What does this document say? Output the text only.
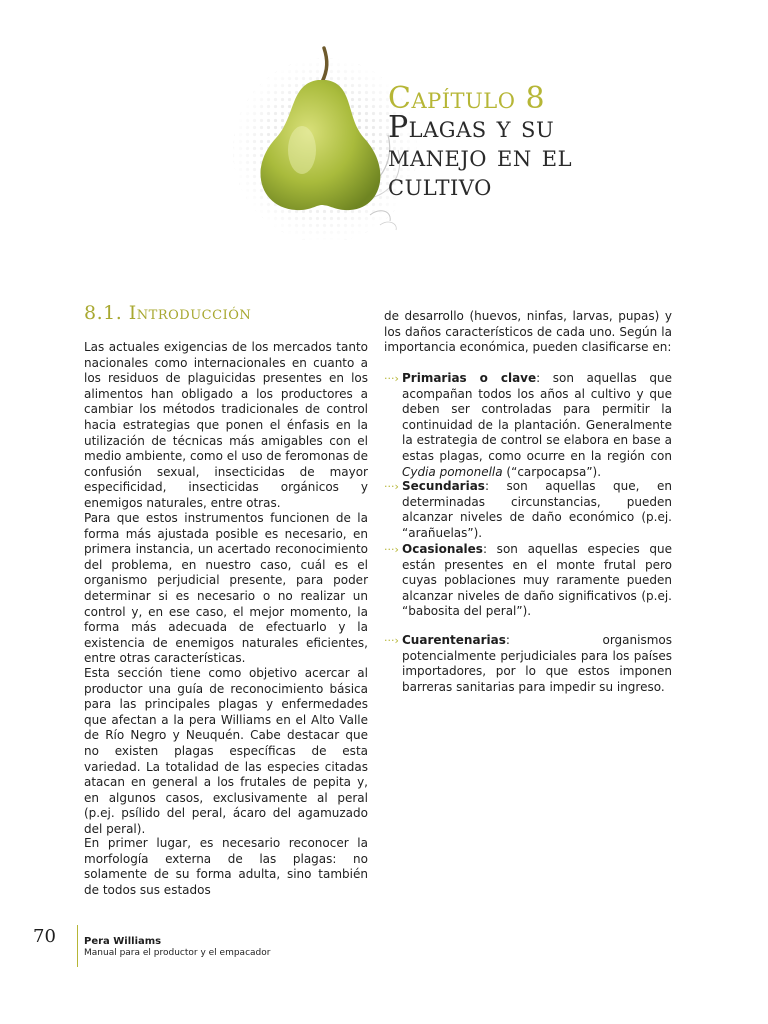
Capítulo 8
Plagas y su
manejo en el
cultivo
8.1. Introducción

Las actuales exigencias de los mercados tanto nacionales como internacionales en cuanto a los residuos de plaguicidas presentes en los alimentos han obligado a los productores a cambiar los métodos tradicionales de control hacia estrategias que ponen el énfasis en la utilización de técnicas más amigables con el medio ambiente, como el uso de feromonas de confusión sexual, insecticidas de mayor especificidad, insecticidas orgánicos y enemigos naturales, entre otras.

Para que estos instrumentos funcionen de la forma más ajustada posible es necesario, en primera instancia, un acertado reconocimiento del problema, en nuestro caso, cuál es el organismo perjudicial presente, para poder determinar si es necesario o no realizar un control y, en ese caso, el mejor momento, la forma más adecuada de efectuarlo y la existencia de enemigos naturales eficientes, entre otras características.

Esta sección tiene como objetivo acercar al productor una guía de reconocimiento básica para las principales plagas y enfermedades que afectan a la pera Williams en el Alto Valle de Río Negro y Neuquén. Cabe destacar que no existen plagas específicas de esta variedad. La totalidad de las especies citadas atacan en general a los frutales de pepita y, en algunos casos, exclusivamente al peral (p.ej. psílido del peral, ácaro del agamuzado del peral).

En primer lugar, es necesario reconocer la morfología externa de las plagas: no solamente de su forma adulta, sino también de todos sus estados

de desarrollo (huevos, ninfas, larvas, pupas) y los daños característicos de cada uno. Según la importancia económica, pueden clasificarse en:

···› Primarias o clave: son aquellas que acompañan todos los años al cultivo y que deben ser controladas para permitir la continuidad de la plantación. Generalmente la estrategia de control se elabora en base a estas plagas, como ocurre en la región con Cydia pomonella (“carpocapsa”).

···› Secundarias: son aquellas que, en determinadas circunstancias, pueden alcanzar niveles de daño económico (p.ej. “arañuelas”).

···› Ocasionales: son aquellas especies que están presentes en el monte frutal pero cuyas poblaciones muy raramente pueden alcanzar niveles de daño significativos (p.ej. “babosita del peral”).

···› Cuarentenarias: organismos potencialmente perjudiciales para los países importadores, por lo que estos imponen barreras sanitarias para impedir su ingreso.

70	Pera Williams
Manual para el productor y el empacador
